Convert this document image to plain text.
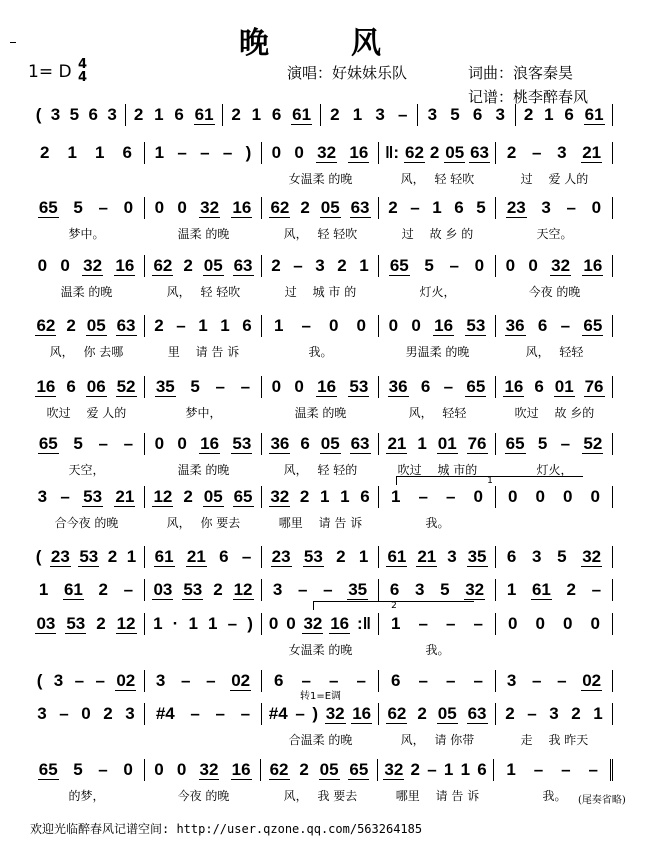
晚　风
1= D 4
4	演唱：好妹妹乐队	词曲：浪客秦昊
记谱：桃李醉春风
( 3 5 6 3 2 1 6 61 2 1 6 61 2 1 3 – 3 5 6 3 2 1 6 61
2 1 1 6 1 – – – ) 0 0 32 16 ‖: 62 2 05 63 2 – 3 21
女温柔 的晚	风，　 轻 轻吹	过　 爱 人的
65 5 – 0 0 0 32 16 62 2 05 63 2 – 1 6 5 23 3 – 0
梦中。	温柔 的晚	风，　 轻 轻吹	过　 故 乡 的	天空。
0 0 32 16 62 2 05 63 2 – 3 2 1 65 5 – 0 0 0 32 16
温柔 的晚	风，　 轻 轻吹	过　 城 市 的	灯火，	今夜 的晚
62 2 05 63 2 – 1 1 6 1 – 0 0 0 0 16 53 36 6 – 65
风，　 你 去哪	里　 请 告 诉	我。	男温柔 的晚	风，　 轻轻
16 6 06 52 35 5 – – 0 0 16 53 36 6 – 65 16 6 01 76
吹过　 爱 人的	梦中，	温柔 的晚	风，　 轻轻	吹过　 故 乡的
65 5 – – 0 0 16 53 36 6 05 63 21 1 01 76 65 5 – 52
天空，	温柔 的晚	风，　 轻 轻的	吹过　 城 市的	灯火，
3 – 53 21 12 2 05 65 32 2 1 1 6 1 – – 0 0 0 0 0
合今夜 的晚	风，　 你 要去	哪里　 请 告 诉	我。
( 23 53 2 1 61 21 6 – 23 53 2 1 61 21 3 35 6 3 5 32
1 61 2 – 03 53 2 12 3 – – 35 6 3 5 32 1 61 2 –
03 53 2 12 1 · 1 1 – ) 0 0 32 16 :‖ 1 – – – 0 0 0 0
女温柔 的晚	我。
( 3 – – 02 3 – – 02 6 – – – 6 – – – 3 – – 02
3 – 0 2 3 #4 – – – #4 – ) 32 16 62 2 05 63 2 – 3 2 1
合温柔 的晚	风，　 请 你带	走　 我 昨天
65 5 – 0 0 0 32 16 62 2 05 65 32 2 – 1 1 6 1 – – –
的梦，	今夜 的晚	风，　 我 要去	哪里　 请 告 诉	我。
1
2
转1=E调
(尾奏省略)
欢迎光临醉春风记谱空间: http://user.qzone.qq.com/563264185
